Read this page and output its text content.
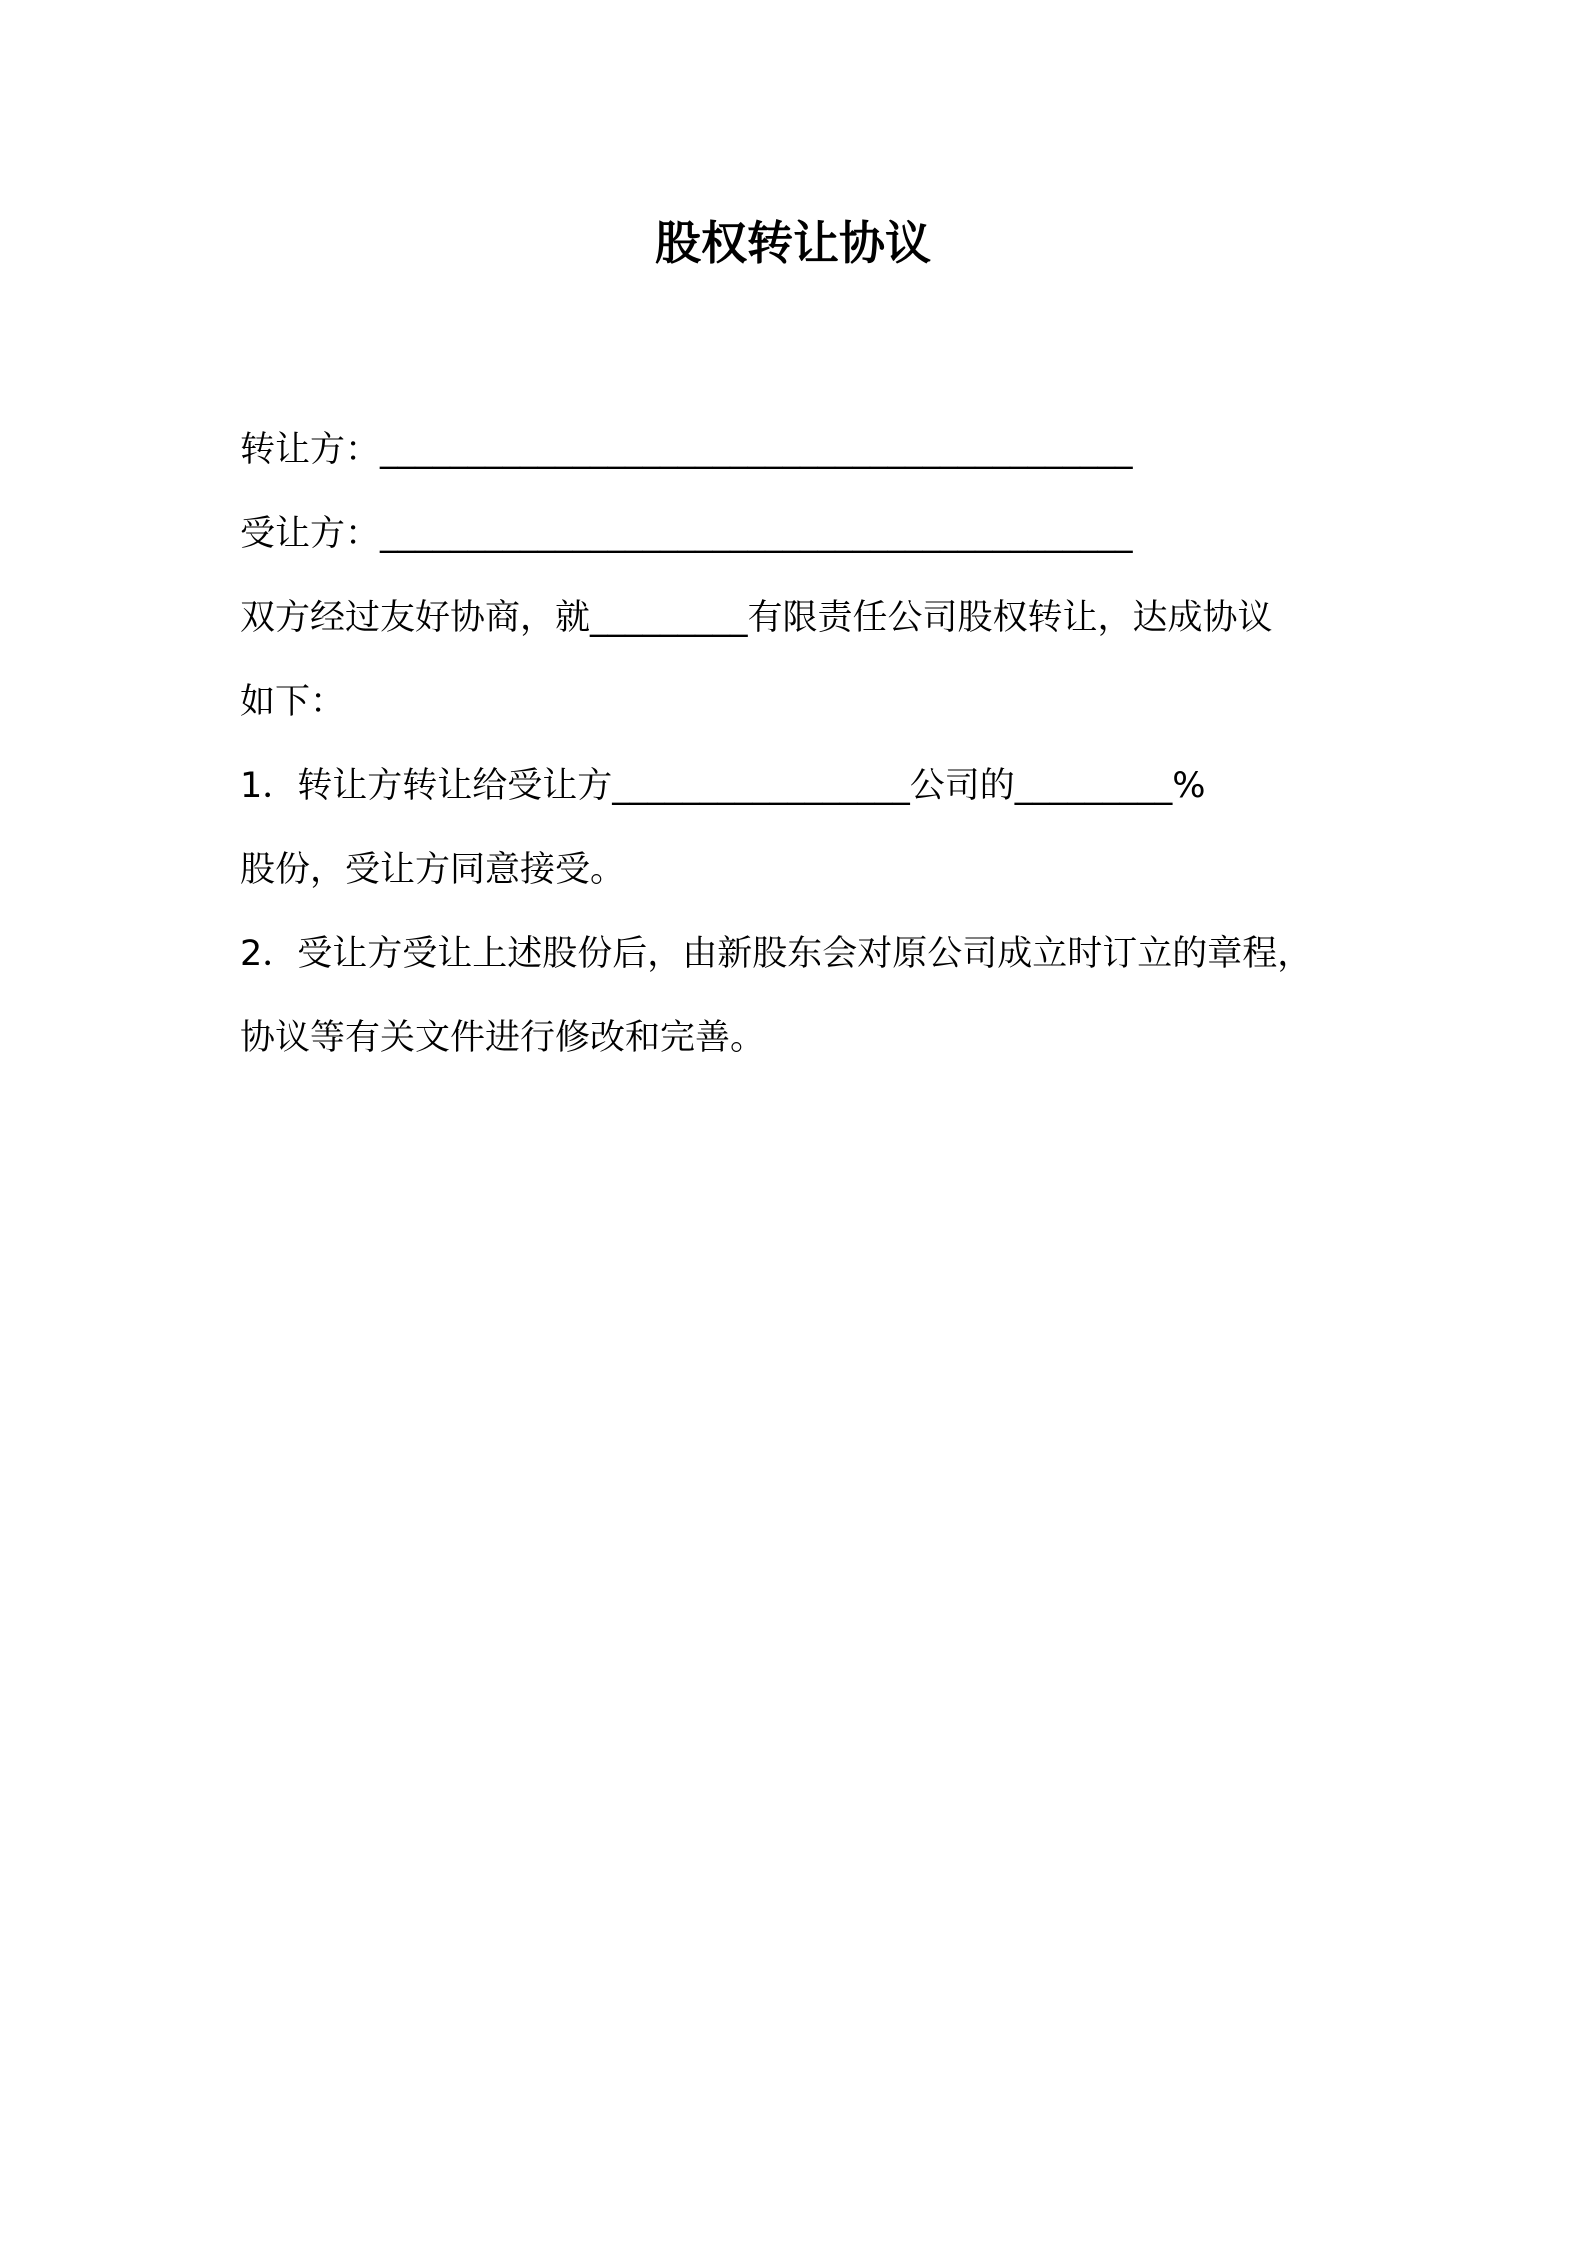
股权转让协议
转让方：___________________________________________
受让方：___________________________________________
双方经过友好协商，就_________有限责任公司股权转让，达成协议
如下：
1．转让方转让给受让方_________________公司的_________%
股份，受让方同意接受。
2．受让方受让上述股份后，由新股东会对原公司成立时订立的章程，
协议等有关文件进行修改和完善。
